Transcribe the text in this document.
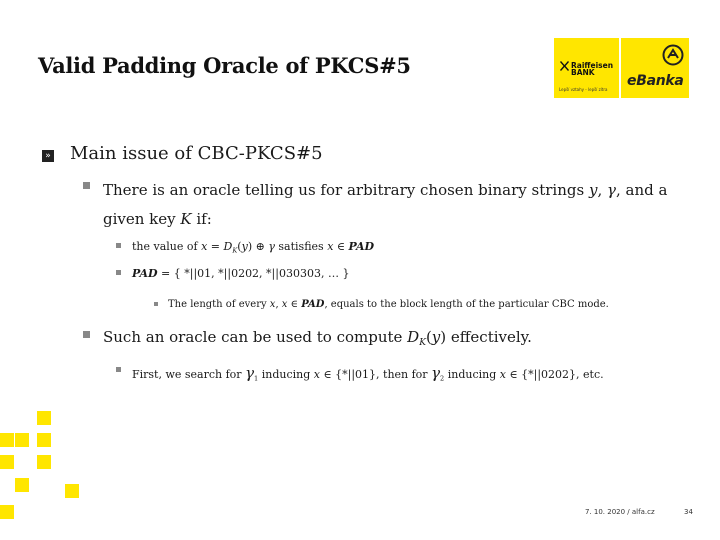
Valid Padding Oracle of PKCS#5	Raiffeisen
BANK
Lepší vztahy - lepší zítra
eBanka
» Main issue of CBC-PKCS#5
There is an oracle telling us for arbitrary chosen binary strings y, γ, and a
given key K if:
the value of $x = D_K(y)$ ⊕ γ satisfies x ∈ PAD
PAD = { *||01, *||0202, *||030303, … }
The length of every x, x ∈ PAD, equals to the block length of the particular CBC mode.
Such an oracle can be used to compute $D_K(y)$ effectively.
First, we search for $\gamma_1$ inducing x ∈ {*||01}, then for $\gamma_2$ inducing x ∈ {*||0202}, etc.
7. 10. 2020 / alfa.cz	34
